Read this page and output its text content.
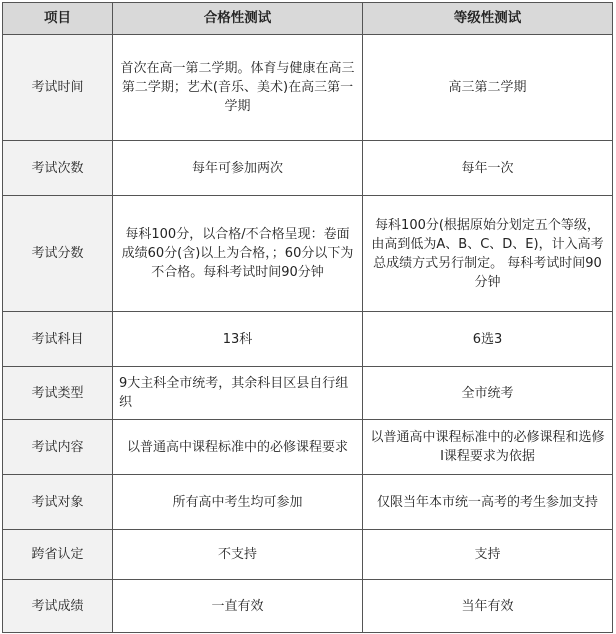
项目	合格性测试	等级性测试
考试时间	首次在高一第二学期。体育与健康在高三第二学期；艺术(音乐、美术)在高三第一学期	高三第二学期
考试次数	每年可参加两次	每年一次
考试分数	每科100分，以合格/不合格呈现：卷面成绩60分(含)以上为合格，；60分以下为不合格。每科考试时间90分钟	每科100分(根据原始分划定五个等级，由高到低为A、B、C、D、E)，计入高考总成绩方式另行制定。 每科考试时间90分钟
考试科目	13科	6选3
考试类型	9大主科全市统考，其余科目区县自行组织	全市统考
考试内容	以普通高中课程标准中的必修课程要求	以普通高中课程标准中的必修课程和选修I课程要求为依据
考试对象	所有高中考生均可参加	仅限当年本市统一高考的考生参加支持
跨省认定	不支持	支持
考试成绩	一直有效	当年有效
